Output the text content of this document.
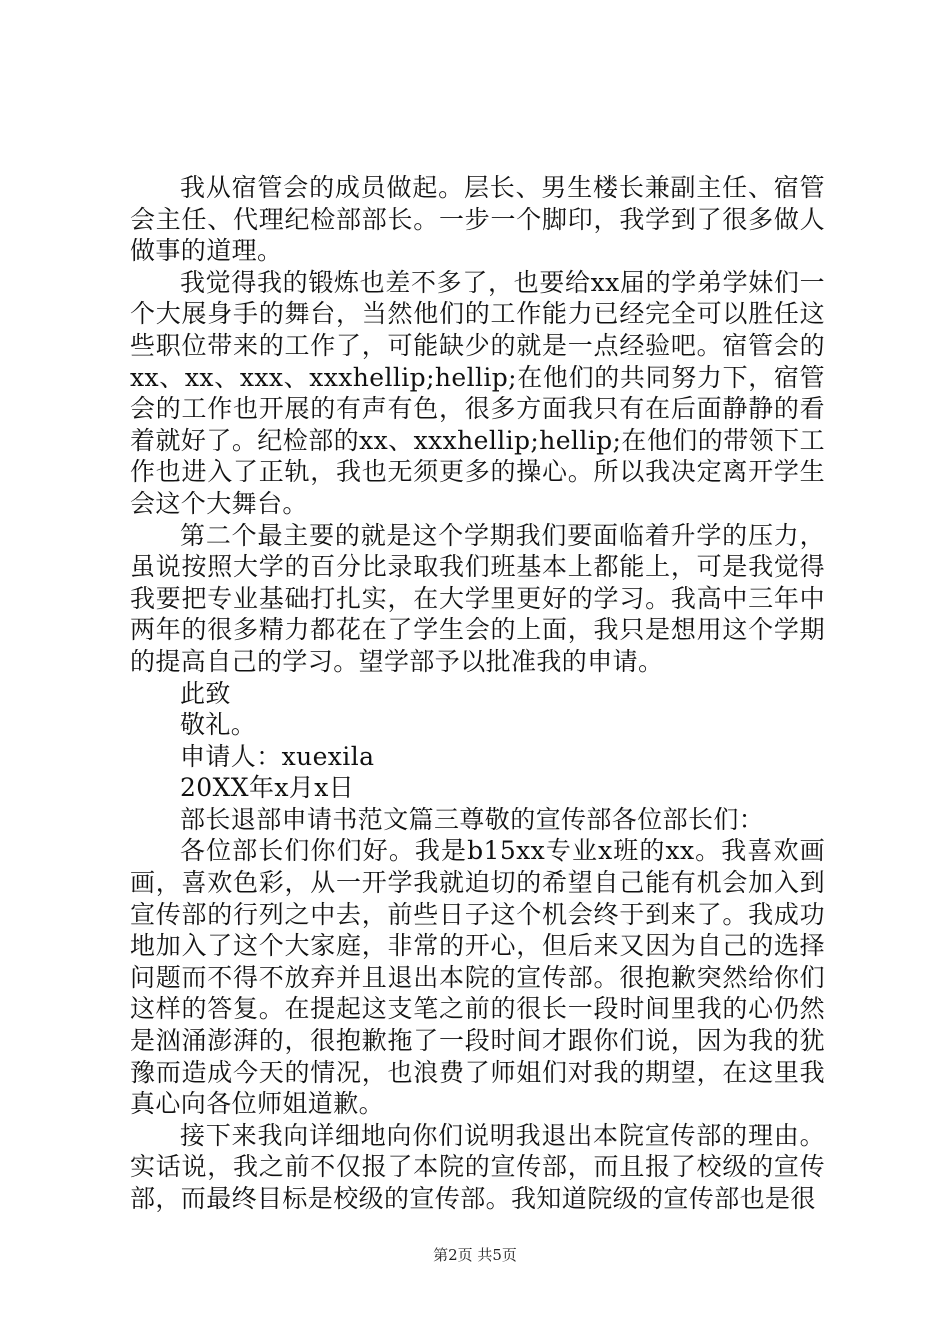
我从宿管会的成员做起。层长、男生楼长兼副主任、宿管会主任、代理纪检部部长。一步一个脚印，我学到了很多做人做事的道理。

我觉得我的锻炼也差不多了，也要给xx届的学弟学妹们一个大展身手的舞台，当然他们的工作能力已经完全可以胜任这些职位带来的工作了，可能缺少的就是一点经验吧。宿管会的xx、xx、xxx、xxxhellip;hellip;在他们的共同努力下，宿管会的工作也开展的有声有色，很多方面我只有在后面静静的看着就好了。纪检部的xx、xxxhellip;hellip;在他们的带领下工作也进入了正轨，我也无须更多的操心。所以我决定离开学生会这个大舞台。

第二个最主要的就是这个学期我们要面临着升学的压力，虽说按照大学的百分比录取我们班基本上都能上，可是我觉得我要把专业基础打扎实，在大学里更好的学习。我高中三年中两年的很多精力都花在了学生会的上面，我只是想用这个学期的提高自己的学习。望学部予以批准我的申请。

此致

敬礼。

申请人：xuexila

20XX年x月x日

部长退部申请书范文篇三尊敬的宣传部各位部长们：

各位部长们你们好。我是b15xx专业x班的xx。我喜欢画画，喜欢色彩，从一开学我就迫切的希望自己能有机会加入到宣传部的行列之中去，前些日子这个机会终于到来了。我成功地加入了这个大家庭，非常的开心，但后来又因为自己的选择问题而不得不放弃并且退出本院的宣传部。很抱歉突然给你们这样的答复。在提起这支笔之前的很长一段时间里我的心仍然是汹涌澎湃的，很抱歉拖了一段时间才跟你们说，因为我的犹豫而造成今天的情况，也浪费了师姐们对我的期望，在这里我真心向各位师姐道歉。

接下来我向详细地向你们说明我退出本院宣传部的理由。实话说，我之前不仅报了本院的宣传部，而且报了校级的宣传部，而最终目标是校级的宣传部。我知道院级的宣传部也是很

第2页 共5页
